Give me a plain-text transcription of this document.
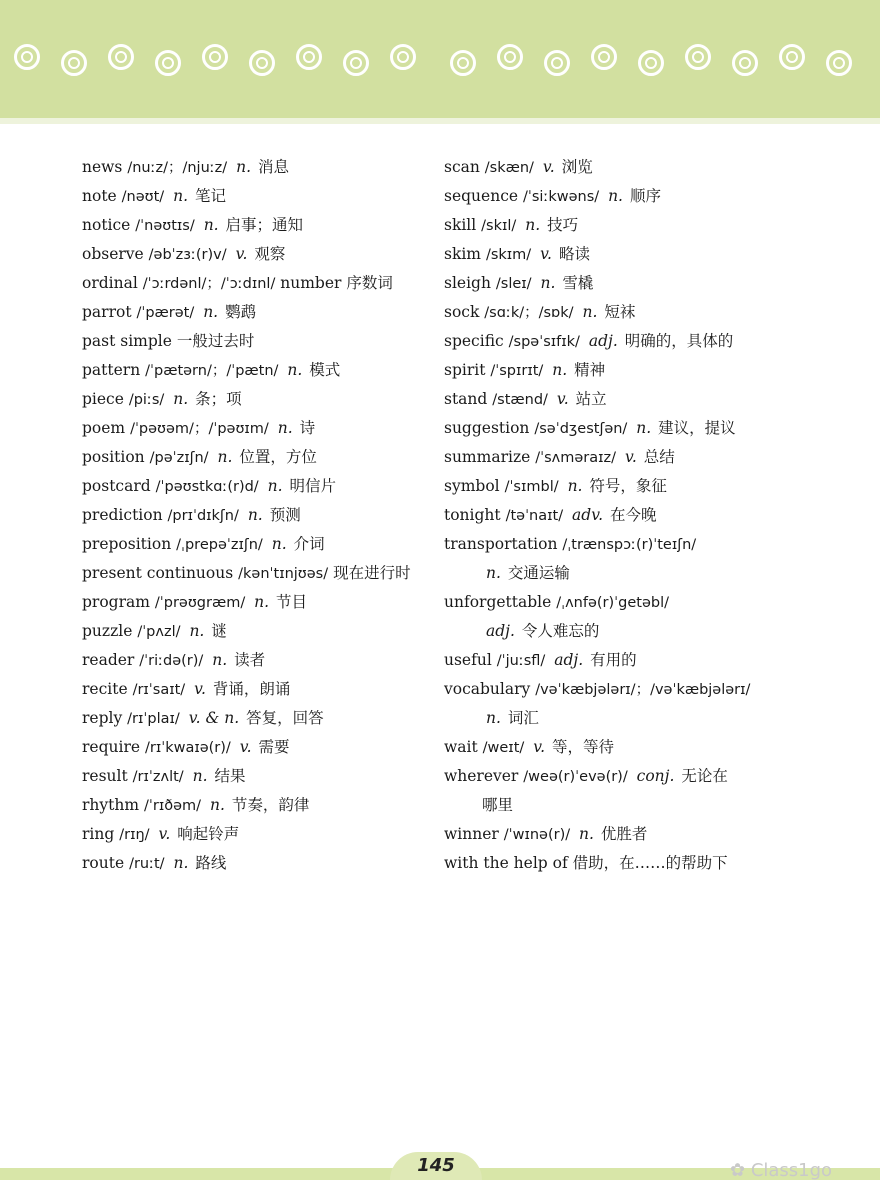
news /nuːz/；/njuːz/ n. 消息
note /nəʊt/ n. 笔记
notice /ˈnəʊtɪs/ n. 启事；通知
observe /əbˈzɜː(r)v/ v. 观察
ordinal /ˈɔːrdənl/；/ˈɔːdɪnl/ number 序数词
parrot /ˈpærət/ n. 鹦鹉
past simple 一般过去时
pattern /ˈpætərn/；/ˈpætn/ n. 模式
piece /piːs/ n. 条；项
poem /ˈpəʊəm/；/ˈpəʊɪm/ n. 诗
position /pəˈzɪʃn/ n. 位置，方位
postcard /ˈpəʊstkɑː(r)d/ n. 明信片
prediction /prɪˈdɪkʃn/ n. 预测
preposition /ˌprepəˈzɪʃn/ n. 介词
present continuous /kənˈtɪnjʊəs/ 现在进行时
program /ˈprəʊgræm/ n. 节目
puzzle /ˈpʌzl/ n. 谜
reader /ˈriːdə(r)/ n. 读者
recite /rɪˈsaɪt/ v. 背诵，朗诵
reply /rɪˈplaɪ/ v. & n. 答复，回答
require /rɪˈkwaɪə(r)/ v. 需要
result /rɪˈzʌlt/ n. 结果
rhythm /ˈrɪðəm/ n. 节奏，韵律
ring /rɪŋ/ v. 响起铃声
route /ruːt/ n. 路线
scan /skæn/ v. 浏览
sequence /ˈsiːkwəns/ n. 顺序
skill /skɪl/ n. 技巧
skim /skɪm/ v. 略读
sleigh /sleɪ/ n. 雪橇
sock /sɑːk/；/sɒk/ n. 短袜
specific /spəˈsɪfɪk/ adj. 明确的，具体的
spirit /ˈspɪrɪt/ n. 精神
stand /stænd/ v. 站立
suggestion /səˈdʒestʃən/ n. 建议，提议
summarize /ˈsʌməraɪz/ v. 总结
symbol /ˈsɪmbl/ n. 符号，象征
tonight /təˈnaɪt/ adv. 在今晚
transportation /ˌtrænspɔː(r)ˈteɪʃn/
n. 交通运输
unforgettable /ˌʌnfə(r)ˈgetəbl/
adj. 令人难忘的
useful /ˈjuːsfl/ adj. 有用的
vocabulary /vəˈkæbjələrɪ/；/vəˈkæbjələrɪ/
n. 词汇
wait /weɪt/ v. 等，等待
wherever /weə(r)ˈevə(r)/ conj. 无论在
哪里
winner /ˈwɪnə(r)/ n. 优胜者
with the help of 借助，在……的帮助下
145	✿ Class1go
